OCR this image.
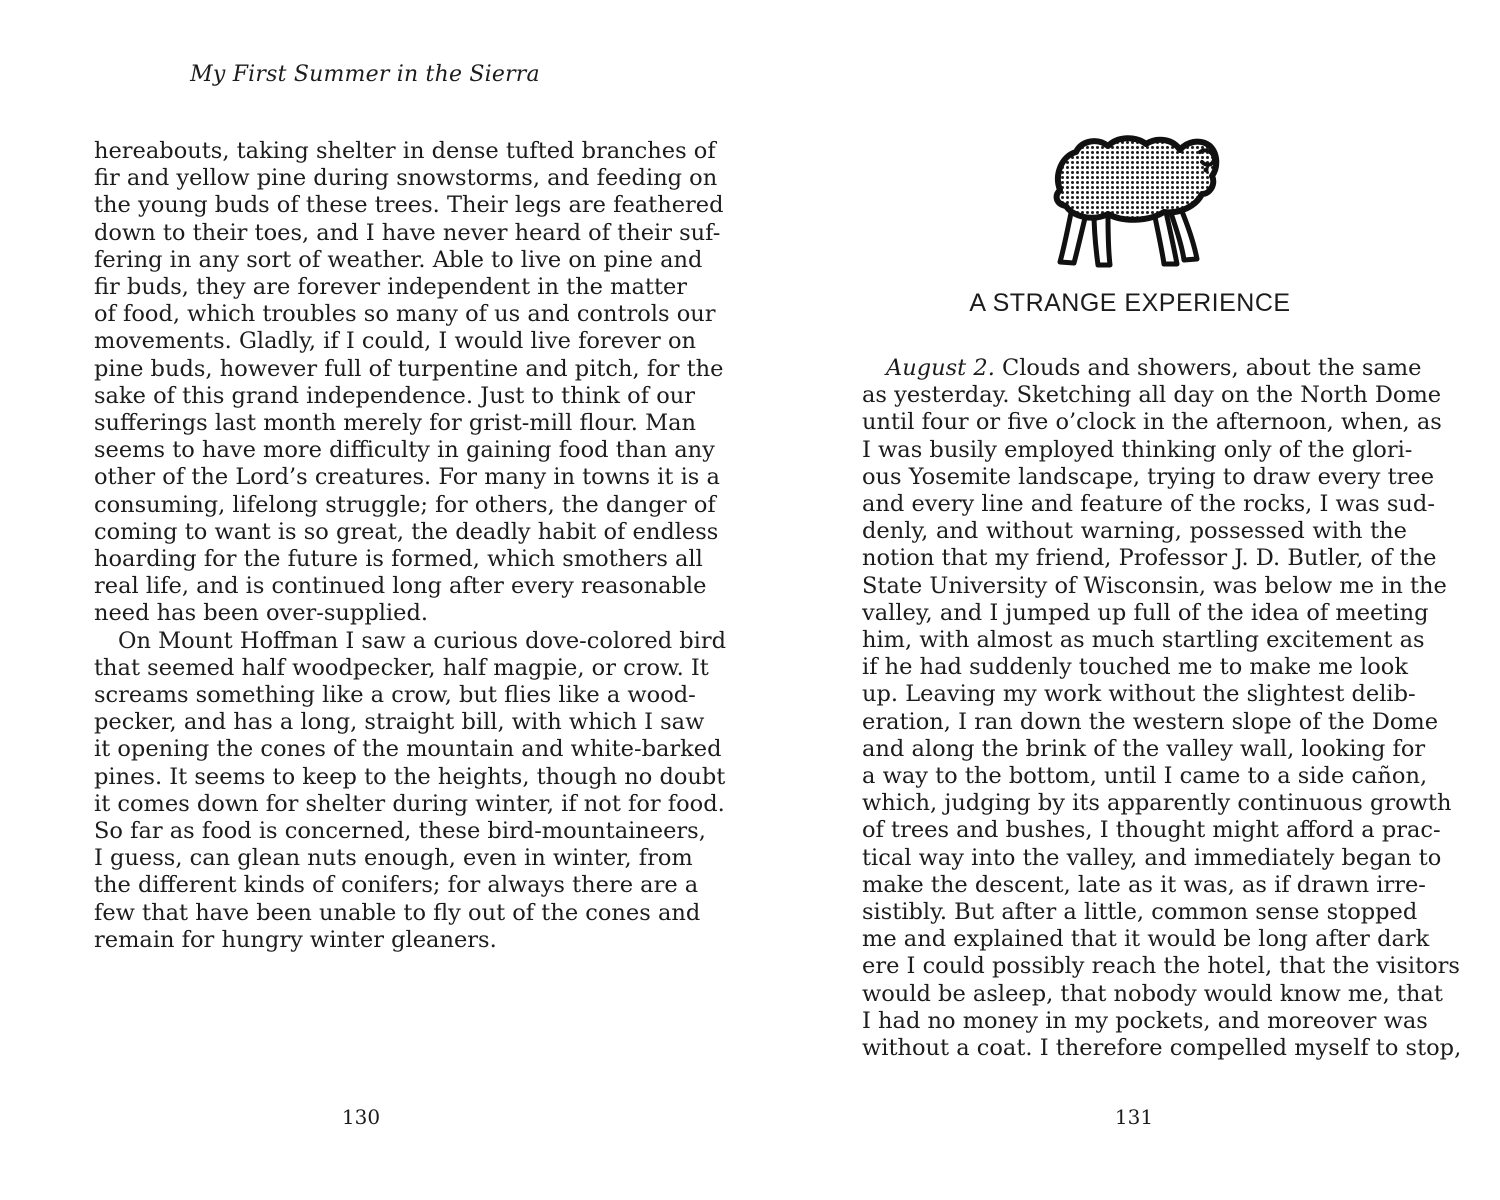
My First Summer in the Sierra
hereabouts, taking shelter in dense tufted branches of
fir and yellow pine during snowstorms, and feeding on
the young buds of these trees. Their legs are feathered
down to their toes, and I have never heard of their suf-
fering in any sort of weather. Able to live on pine and
fir buds, they are forever independent in the matter
of food, which troubles so many of us and controls our
movements. Gladly, if I could, I would live forever on
pine buds, however full of turpentine and pitch, for the
sake of this grand independence. Just to think of our
sufferings last month merely for grist-mill flour. Man
seems to have more difficulty in gaining food than any
other of the Lord’s creatures. For many in towns it is a
consuming, lifelong struggle; for others, the danger of
coming to want is so great, the deadly habit of endless
hoarding for the future is formed, which smothers all
real life, and is continued long after every reasonable
need has been over-supplied.
On Mount Hoffman I saw a curious dove-colored bird
that seemed half woodpecker, half magpie, or crow. It
screams something like a crow, but flies like a wood-
pecker, and has a long, straight bill, with which I saw
it opening the cones of the mountain and white-barked
pines. It seems to keep to the heights, though no doubt
it comes down for shelter during winter, if not for food.
So far as food is concerned, these bird-mountaineers,
I guess, can glean nuts enough, even in winter, from
the different kinds of conifers; for always there are a
few that have been unable to fly out of the cones and
remain for hungry winter gleaners.
130
A STRANGE EXPERIENCE
August 2. Clouds and showers, about the same
as yesterday. Sketching all day on the North Dome
until four or five o’clock in the afternoon, when, as
I was busily employed thinking only of the glori-
ous Yosemite landscape, trying to draw every tree
and every line and feature of the rocks, I was sud-
denly, and without warning, possessed with the
notion that my friend, Professor J. D. Butler, of the
State University of Wisconsin, was below me in the
valley, and I jumped up full of the idea of meeting
him, with almost as much startling excitement as
if he had suddenly touched me to make me look
up. Leaving my work without the slightest delib-
eration, I ran down the western slope of the Dome
and along the brink of the valley wall, looking for
a way to the bottom, until I came to a side cañon,
which, judging by its apparently continuous growth
of trees and bushes, I thought might afford a prac-
tical way into the valley, and immediately began to
make the descent, late as it was, as if drawn irre-
sistibly. But after a little, common sense stopped
me and explained that it would be long after dark
ere I could possibly reach the hotel, that the visitors
would be asleep, that nobody would know me, that
I had no money in my pockets, and moreover was
without a coat. I therefore compelled myself to stop,
131
